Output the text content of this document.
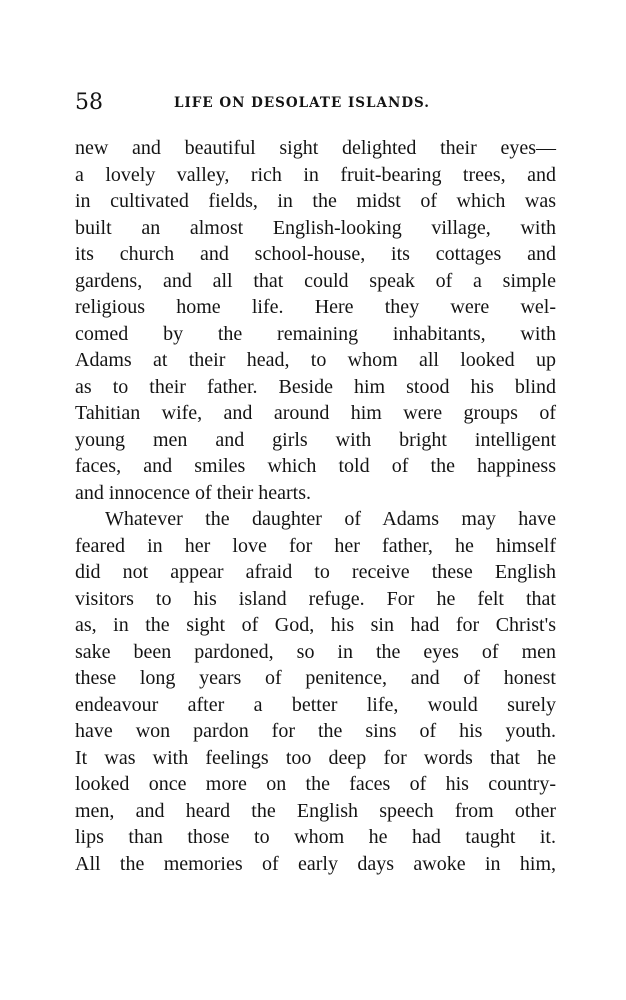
58	LIFE ON DESOLATE ISLANDS.
new and beautiful sight delighted their eyes—
a lovely valley, rich in fruit-bearing trees, and
in cultivated fields, in the midst of which was
built an almost English-looking village, with
its church and school-house, its cottages and
gardens, and all that could speak of a simple
religious home life. Here they were wel-
comed by the remaining inhabitants, with
Adams at their head, to whom all looked up
as to their father. Beside him stood his blind
Tahitian wife, and around him were groups of
young men and girls with bright intelligent
faces, and smiles which told of the happiness
and innocence of their hearts.
Whatever the daughter of Adams may have
feared in her love for her father, he himself
did not appear afraid to receive these English
visitors to his island refuge. For he felt that
as, in the sight of God, his sin had for Christ's
sake been pardoned, so in the eyes of men
these long years of penitence, and of honest
endeavour after a better life, would surely
have won pardon for the sins of his youth.
It was with feelings too deep for words that he
looked once more on the faces of his country-
men, and heard the English speech from other
lips than those to whom he had taught it.
All the memories of early days awoke in him,
